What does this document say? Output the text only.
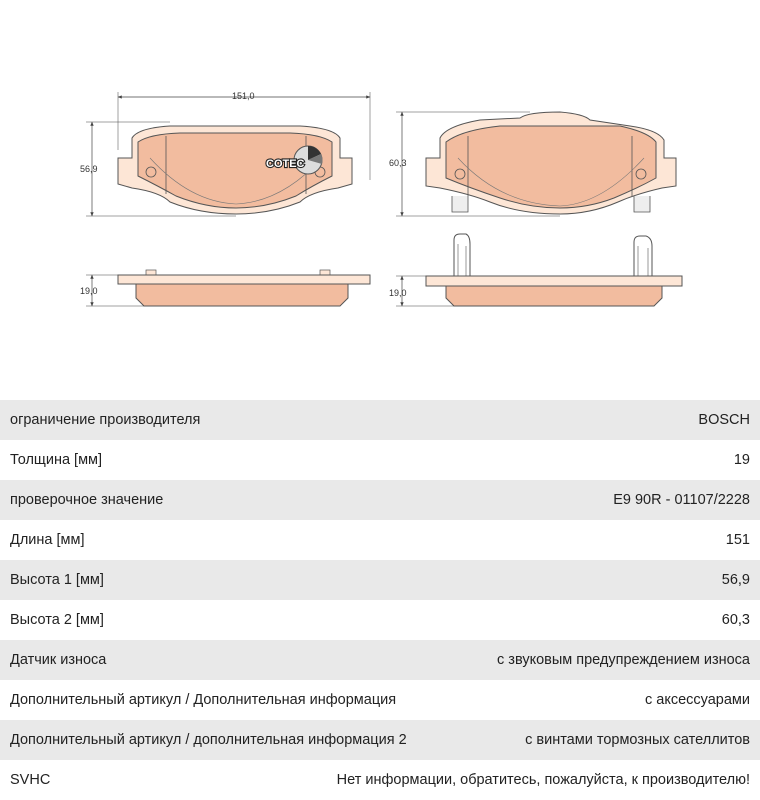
COTEC
151,0
56,9
60,3
19,0	19,0
ограничение производителя	BOSCH
Толщина [мм]	19
проверочное значение	E9 90R - 01107/2228
Длина [мм]	151
Высота 1 [мм]	56,9
Высота 2 [мм]	60,3
Датчик износа	с звуковым предупреждением износа
Дополнительный артикул / Дополнительная информация	с аксессуарами
Дополнительный артикул / дополнительная информация 2	с винтами тормозных сателлитов
SVHC	Нет информации, обратитесь, пожалуйста, к производителю!
